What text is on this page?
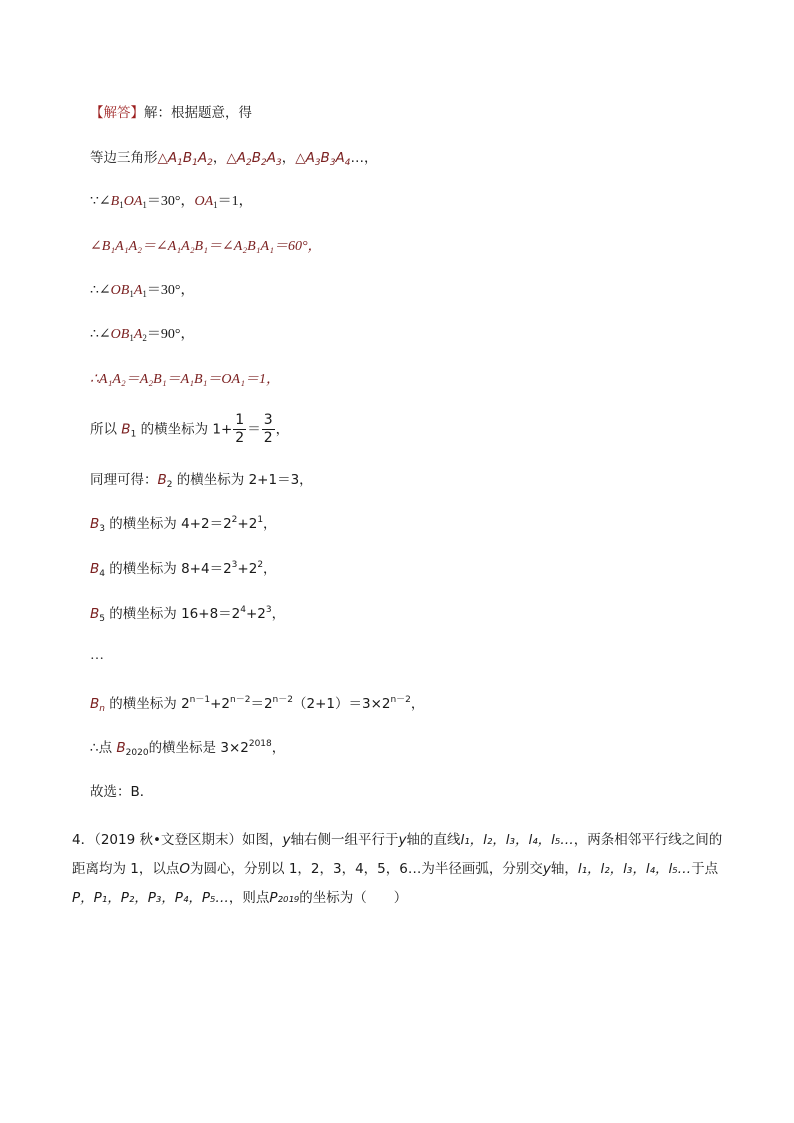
【解答】解：根据题意，得
等边三角形$\triangle A_1B_1A_2$，$\triangle A_2B_2A_3$，$\triangle A_3B_3A_4\dots$，
$\because\angle B_1OA_1=30^\circ$，$OA_1=1$，
∠B₁A₁A₂＝∠A₁A₂B₁＝∠A₂B₁A₁＝60°，
$\therefore\angle OB_1A_1=30^\circ$，
$\therefore\angle OB_1A_2=90^\circ$，
∴A₁A₂＝A₂B₁＝A₁B₁＝OA₁＝1，
所以 $B_1$ 的横坐标为 $1+ \frac{1}{2} = \frac{3}{2}$ ，
同理可得：$B_2$ 的横坐标为 2+1＝3，
$B_3$ 的横坐标为 $4+2=2^2+2^1$，
$B_4$ 的横坐标为 $8+4=2^3+2^2$，
$B_5$ 的横坐标为 $16+8=2^4+2^3$，
…
$B_n$ 的横坐标为 $2^{n-1}+2^{n-2}=2^{n-2}(2+1)=3\times 2^{n-2}$，
∴点 $B_{2020}$的横坐标是 $3\times 2^{2018}$，
故选：B．
4．（2019 秋•文登区期末）如图，y轴右侧一组平行于y轴的直线l₁，l₂，l₃，l₄，l₅…，两条相邻平行线之间的距离均为 1，以点O为圆心，分别以 1，2，3，4，5，6…为半径画弧，分别交y轴，l₁，l₂，l₃，l₄，l₅…于点P，P₁，P₂，P₃，P₄，P₅…，则点P₂₀₁₉的坐标为（　　）
